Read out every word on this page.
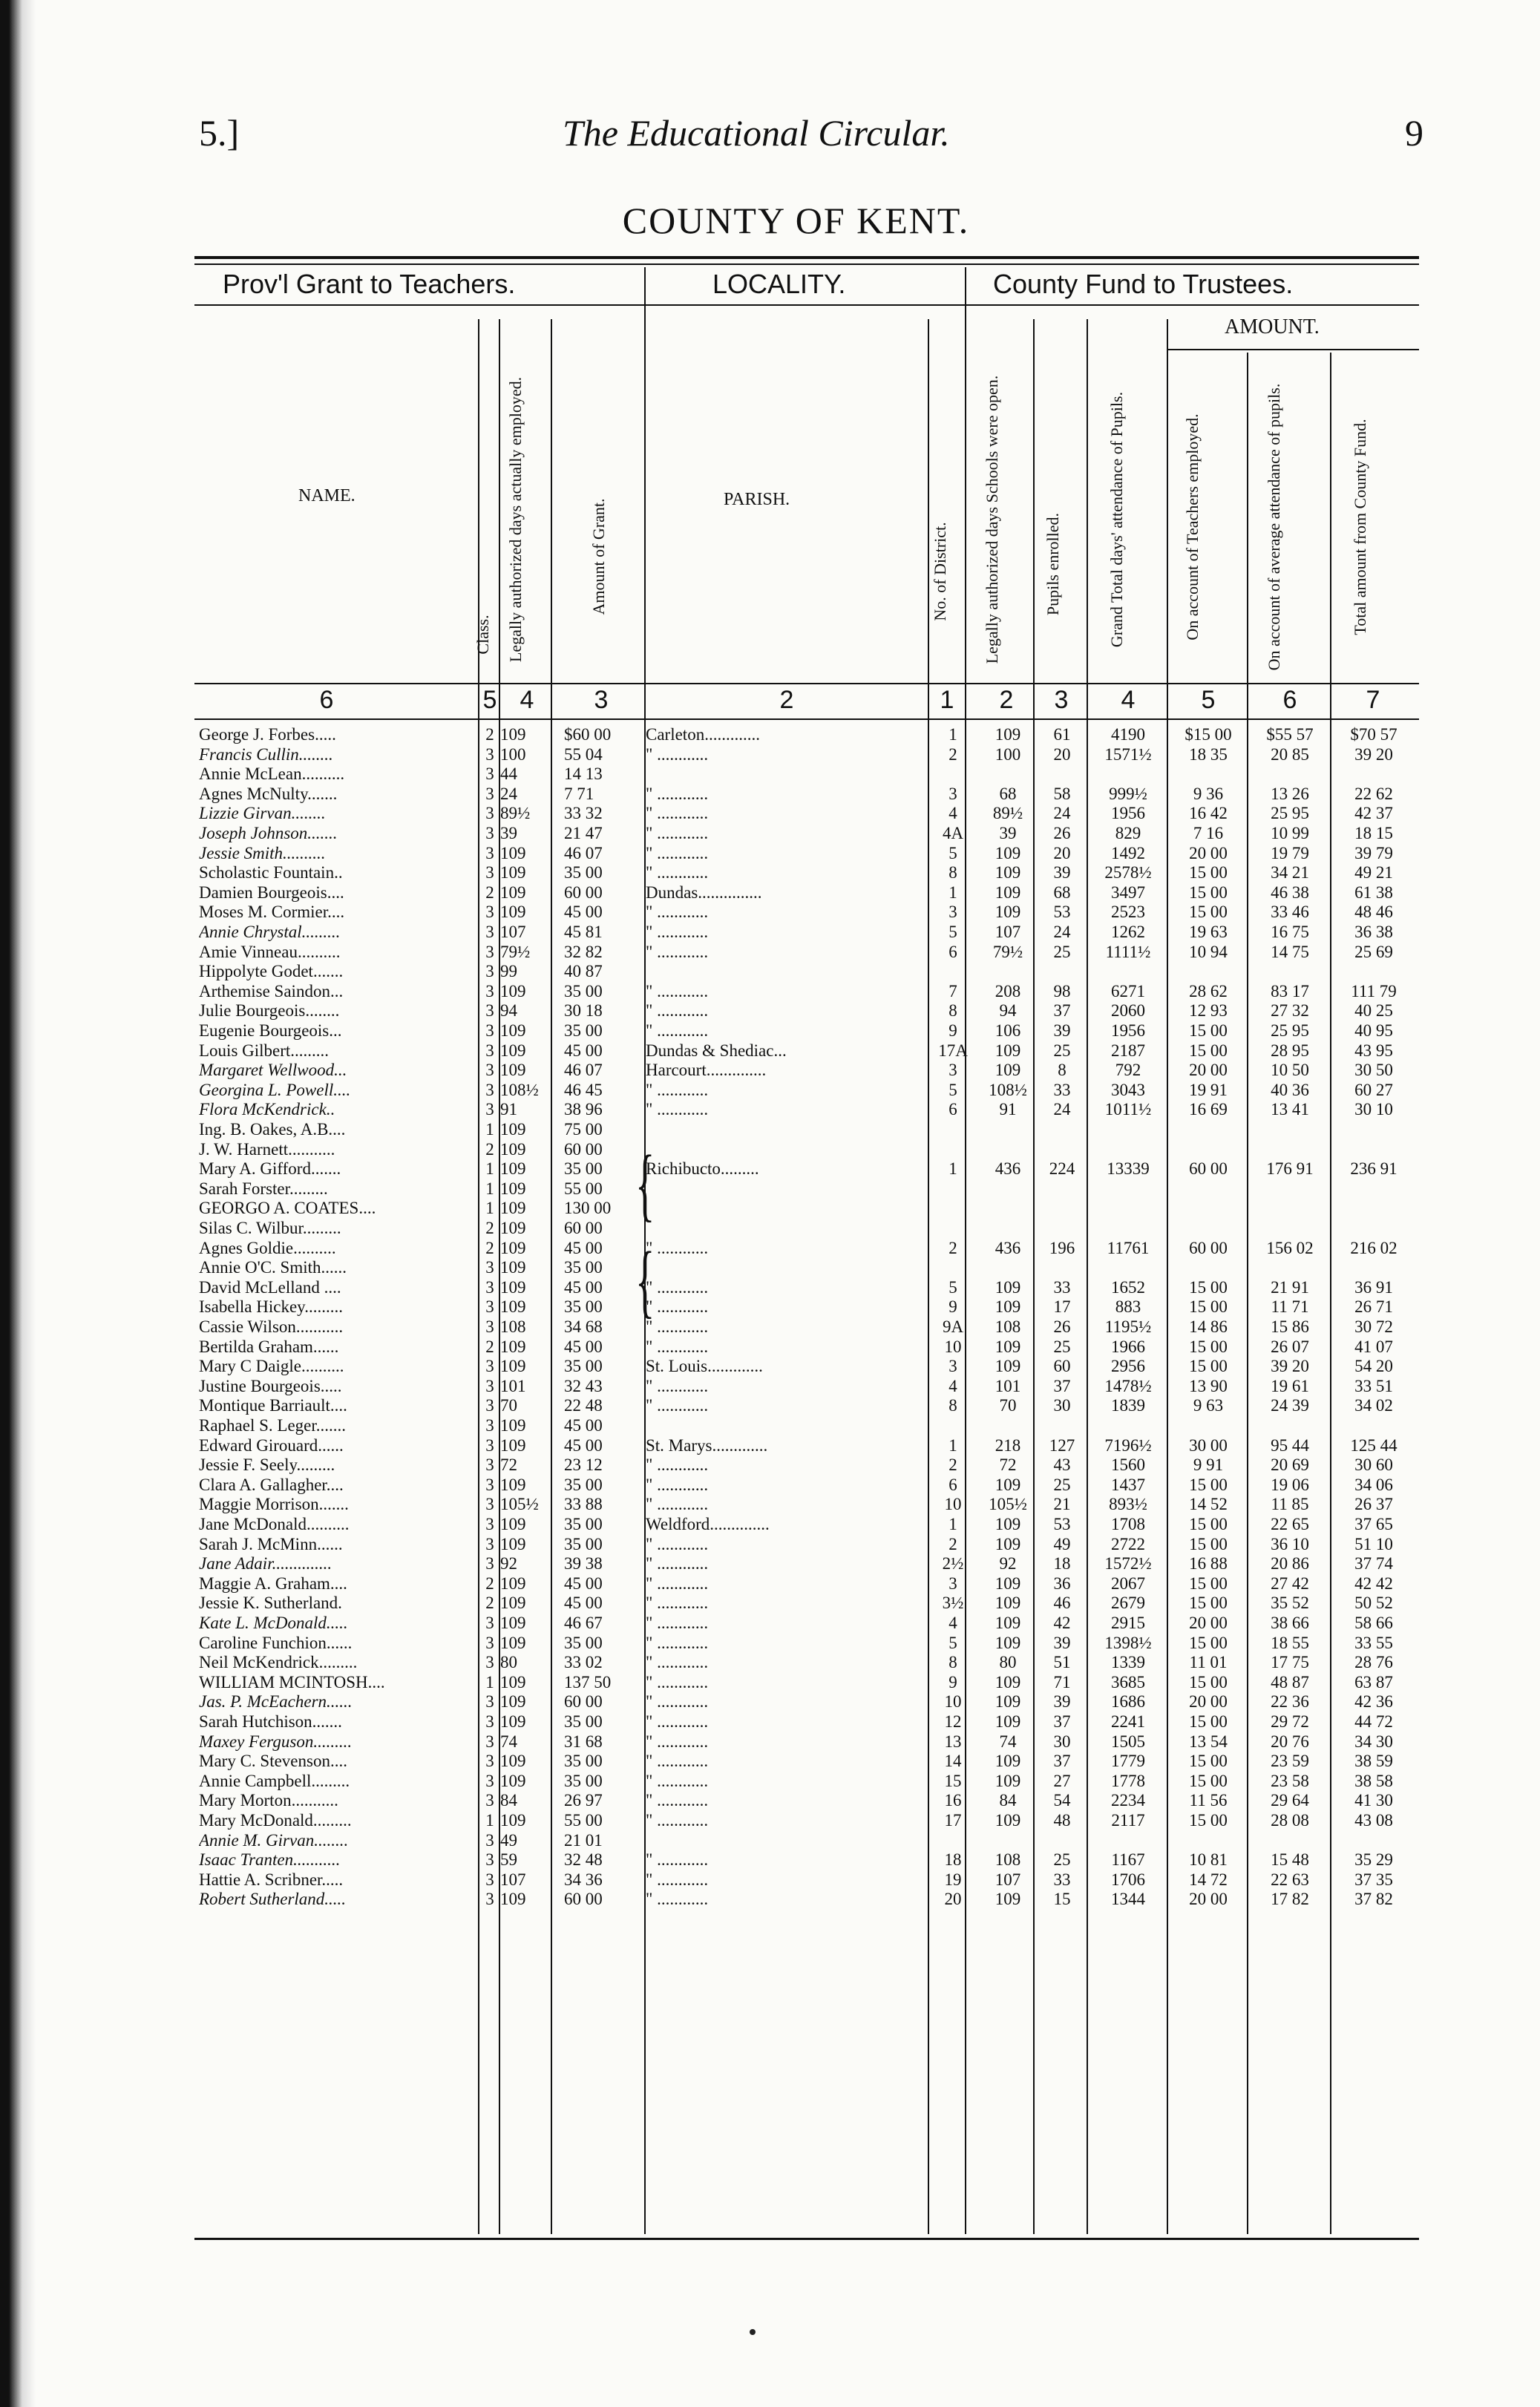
5.]	The Educational Circular.	9
COUNTY OF KENT.
Prov'l Grant to Teachers.	LOCALITY.	County Fund to Trustees.
AMOUNT.
NAME.	PARISH.
Class. Legally authorized days actually employed.	Amount of Grant.	No. of District.	Legally authorized days Schools were open.	Pupils enrolled.	Grand Total days' attendance of Pupils.	On account of Teachers employed.	On account of average attendance of pupils.	Total amount from County Fund.
6	5 4	3	2	1	2	3	4	5	6	7
{
{
George J. Forbes.....	2 109	$60 00	Carleton.............	1	109	61	4190	$15 00	$55 57	$70 57
Francis Cullin........	3 100	55 04	" ............	2	100	20	1571½	18 35	20 85	39 20
Annie McLean..........	3 44	14 13
Agnes McNulty.......	3 24	7 71	" ............	3	68	58	999½	9 36	13 26	22 62
Lizzie Girvan........	3 89½	33 32	" ............	4	89½	24	1956	16 42	25 95	42 37
Joseph Johnson.......	3 39	21 47	" ............	4A	39	26	829	7 16	10 99	18 15
Jessie Smith..........	3 109	46 07	" ............	5	109	20	1492	20 00	19 79	39 79
Scholastic Fountain..	3 109	35 00	" ............	8	109	39	2578½	15 00	34 21	49 21
Damien Bourgeois....	2 109	60 00	Dundas...............	1	109	68	3497	15 00	46 38	61 38
Moses M. Cormier....	3 109	45 00	" ............	3	109	53	2523	15 00	33 46	48 46
Annie Chrystal.........	3 107	45 81	" ............	5	107	24	1262	19 63	16 75	36 38
Amie Vinneau..........	3 79½	32 82	" ............	6	79½	25	1111½	10 94	14 75	25 69
Hippolyte Godet.......	3 99	40 87
Arthemise Saindon...	3 109	35 00	" ............	7	208	98	6271	28 62	83 17	111 79
Julie Bourgeois........	3 94	30 18	" ............	8	94	37	2060	12 93	27 32	40 25
Eugenie Bourgeois...	3 109	35 00	" ............	9	106	39	1956	15 00	25 95	40 95
Louis Gilbert.........	3 109	45 00	Dundas & Shediac...	17A	109	25	2187	15 00	28 95	43 95
Margaret Wellwood...	3 109	46 07	Harcourt..............	3	109	8	792	20 00	10 50	30 50
Georgina L. Powell....	3 108½	46 45	" ............	5	108½	33	3043	19 91	40 36	60 27
Flora McKendrick..	3 91	38 96	" ............	6	91	24	1011½	16 69	13 41	30 10
Ing. B. Oakes, A.B....	1 109	75 00
J. W. Harnett...........	2 109	60 00
Mary A. Gifford.......	1 109	35 00	Richibucto.........	1	436	224	13339	60 00	176 91	236 91
Sarah Forster.........	1 109	55 00
GEORGO A. COATES....	1 109	130 00
Silas C. Wilbur.........	2 109	60 00
Agnes Goldie..........	2 109	45 00	" ............	2	436	196	11761	60 00	156 02	216 02
Annie O'C. Smith......	3 109	35 00
David McLelland ....	3 109	45 00	" ............	5	109	33	1652	15 00	21 91	36 91
Isabella Hickey.........	3 109	35 00	" ............	9	109	17	883	15 00	11 71	26 71
Cassie Wilson...........	3 108	34 68	" ............	9A	108	26	1195½	14 86	15 86	30 72
Bertilda Graham......	2 109	45 00	" ............	10	109	25	1966	15 00	26 07	41 07
Mary C Daigle..........	3 109	35 00	St. Louis.............	3	109	60	2956	15 00	39 20	54 20
Justine Bourgeois.....	3 101	32 43	" ............	4	101	37	1478½	13 90	19 61	33 51
Montique Barriault....	3 70	22 48	" ............	8	70	30	1839	9 63	24 39	34 02
Raphael S. Leger.......	3 109	45 00
Edward Girouard......	3 109	45 00	St. Marys.............	1	218	127	7196½	30 00	95 44	125 44
Jessie F. Seely.........	3 72	23 12	" ............	2	72	43	1560	9 91	20 69	30 60
Clara A. Gallagher....	3 109	35 00	" ............	6	109	25	1437	15 00	19 06	34 06
Maggie Morrison.......	3 105½	33 88	" ............	10	105½	21	893½	14 52	11 85	26 37
Jane McDonald..........	3 109	35 00	Weldford..............	1	109	53	1708	15 00	22 65	37 65
Sarah J. McMinn......	3 109	35 00	" ............	2	109	49	2722	15 00	36 10	51 10
Jane Adair..............	3 92	39 38	" ............	2½	92	18	1572½	16 88	20 86	37 74
Maggie A. Graham....	2 109	45 00	" ............	3	109	36	2067	15 00	27 42	42 42
Jessie K. Sutherland.	2 109	45 00	" ............	3½	109	46	2679	15 00	35 52	50 52
Kate L. McDonald.....	3 109	46 67	" ............	4	109	42	2915	20 00	38 66	58 66
Caroline Funchion......	3 109	35 00	" ............	5	109	39	1398½	15 00	18 55	33 55
Neil McKendrick.........	3 80	33 02	" ............	8	80	51	1339	11 01	17 75	28 76
WILLIAM MCINTOSH....	1 109	137 50	" ............	9	109	71	3685	15 00	48 87	63 87
Jas. P. McEachern......	3 109	60 00	" ............	10	109	39	1686	20 00	22 36	42 36
Sarah Hutchison.......	3 109	35 00	" ............	12	109	37	2241	15 00	29 72	44 72
Maxey Ferguson.........	3 74	31 68	" ............	13	74	30	1505	13 54	20 76	34 30
Mary C. Stevenson....	3 109	35 00	" ............	14	109	37	1779	15 00	23 59	38 59
Annie Campbell.........	3 109	35 00	" ............	15	109	27	1778	15 00	23 58	38 58
Mary Morton...........	3 84	26 97	" ............	16	84	54	2234	11 56	29 64	41 30
Mary McDonald.........	1 109	55 00	" ............	17	109	48	2117	15 00	28 08	43 08
Annie M. Girvan........	3 49	21 01
Isaac Tranten...........	3 59	32 48	" ............	18	108	25	1167	10 81	15 48	35 29
Hattie A. Scribner.....	3 107	34 36	" ............	19	107	33	1706	14 72	22 63	37 35
Robert Sutherland.....	3 109	60 00	" ............	20	109	15	1344	20 00	17 82	37 82
